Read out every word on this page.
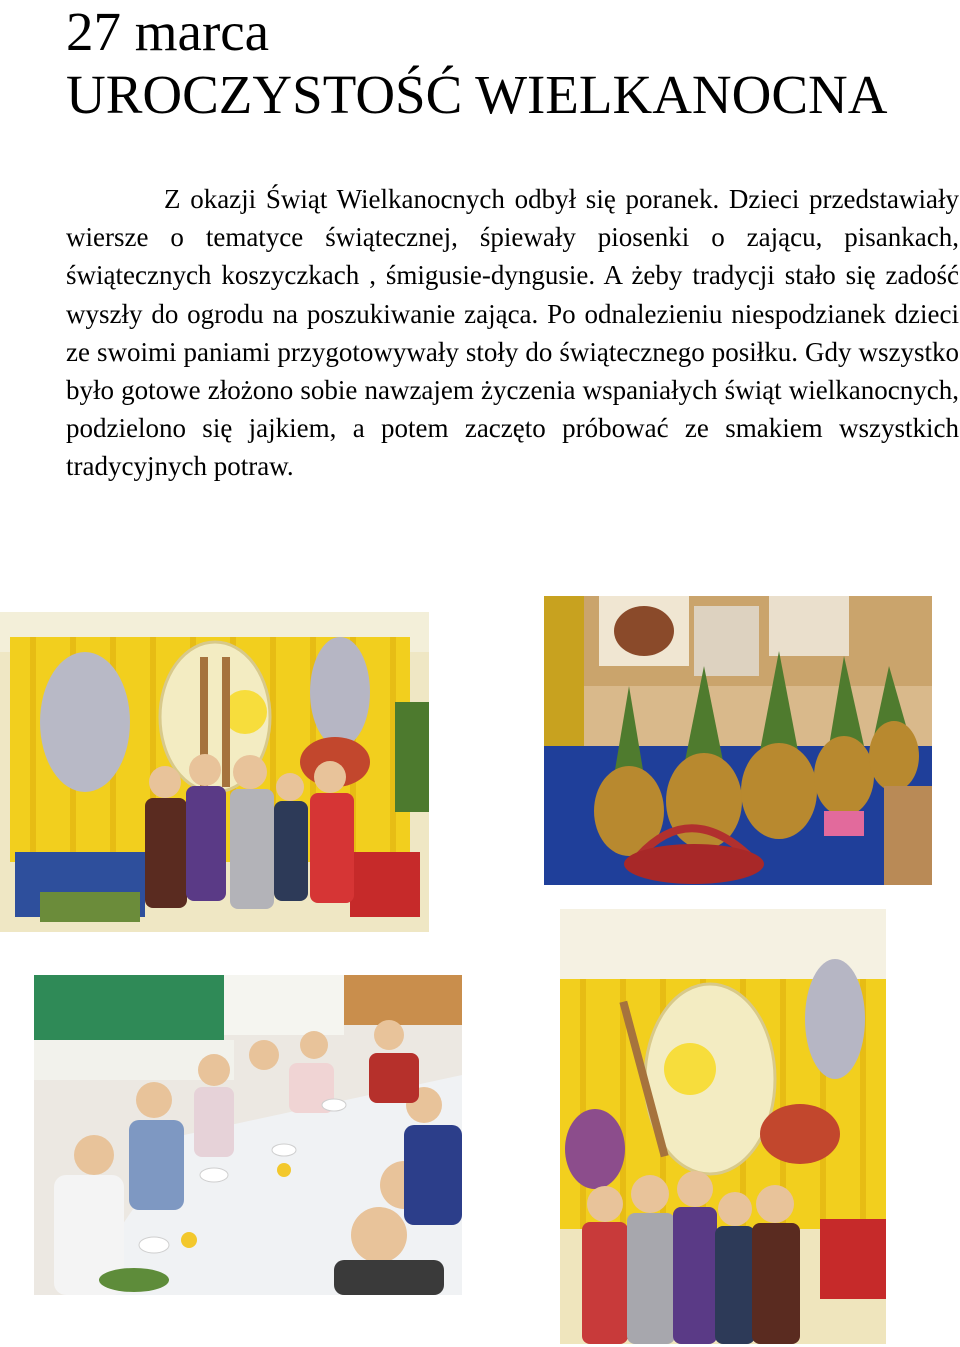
27 marca
UROCZYSTOŚĆ WIELKANOCNA

Z okazji Świąt Wielkanocnych odbył się poranek. Dzieci przedstawiały wiersze o tematyce świątecznej, śpiewały piosenki o zającu, pisankach, świątecznych koszyczkach , śmigusie-dyngusie. A żeby tradycji stało się zadość wyszły do ogrodu na poszukiwanie zająca. Po odnalezieniu niespodzianek dzieci ze swoimi paniami przygotowywały stoły do świątecznego posiłku. Gdy wszystko było gotowe złożono sobie nawzajem życzenia wspaniałych świąt wielkanocnych, podzielono się jajkiem, a potem zaczęto próbować ze smakiem wszystkich tradycyjnych potraw.
